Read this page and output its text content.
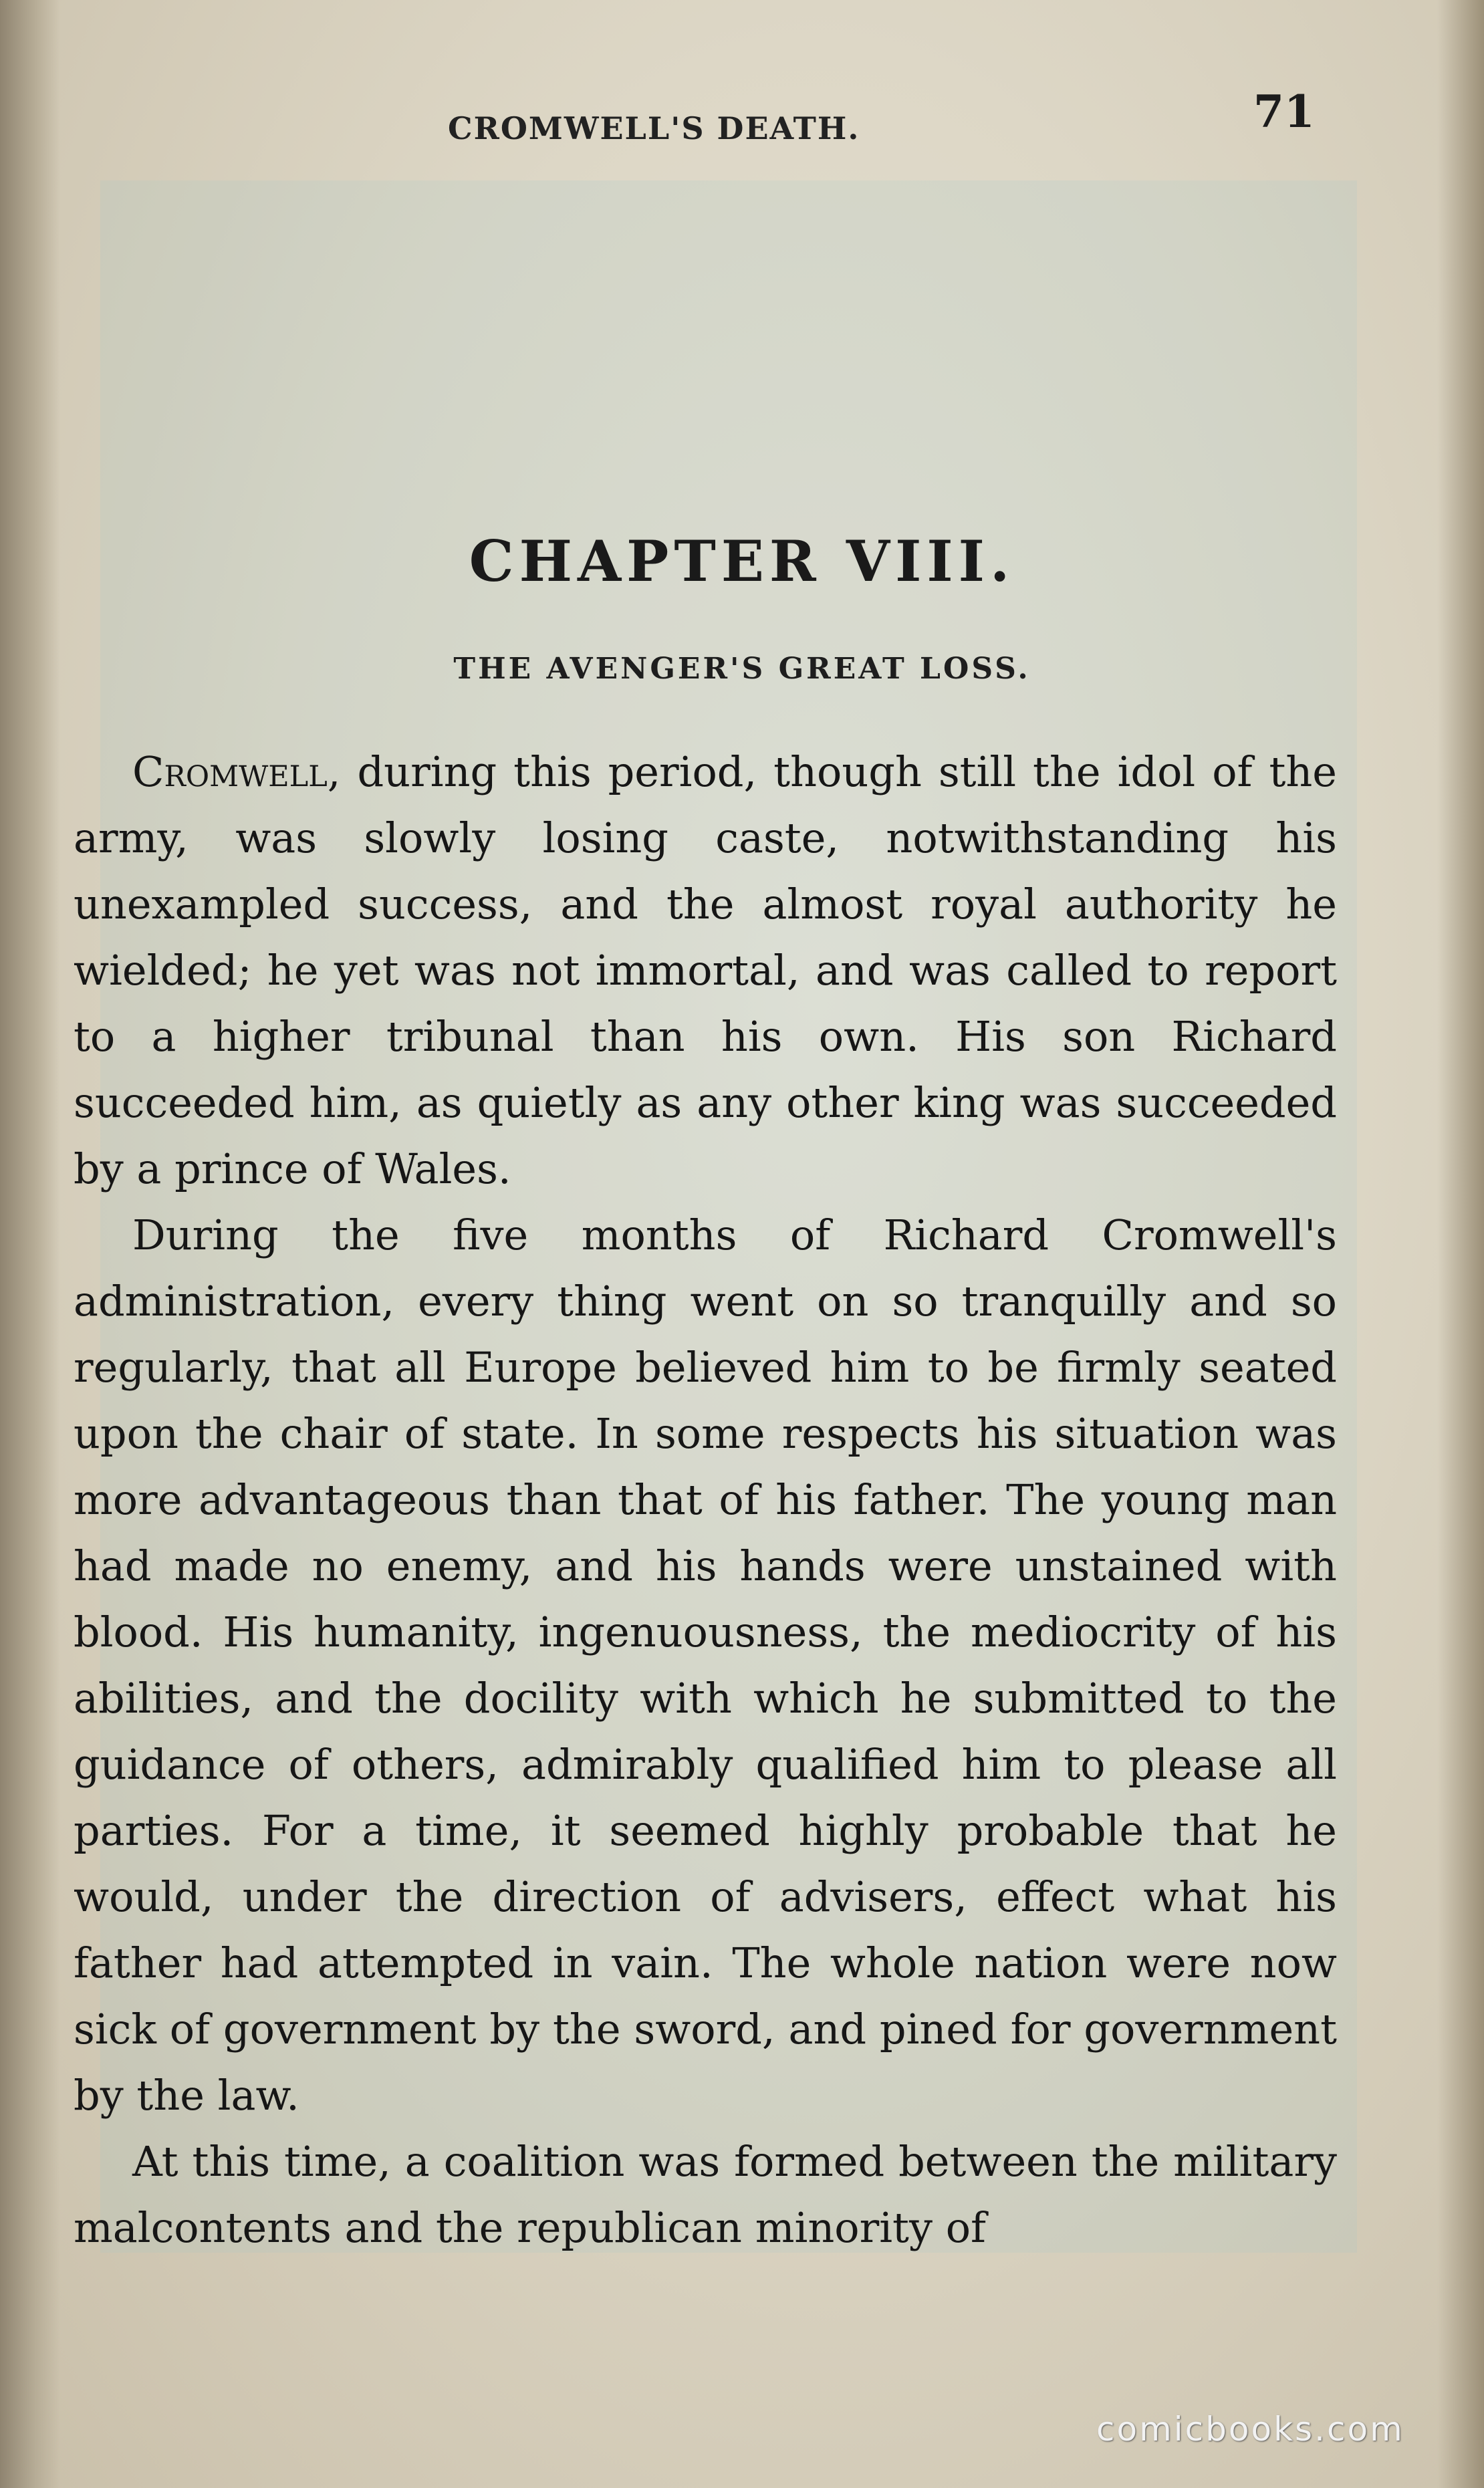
CROMWELL'S DEATH.	71
CHAPTER VIII.
THE AVENGER'S GREAT LOSS.

Cromwell, during this period, though still the idol of the army, was slowly losing caste, notwithstanding his unexampled success, and the almost royal authority he wielded; he yet was not immortal, and was called to report to a higher tribunal than his own. His son Richard succeeded him, as quietly as any other king was succeeded by a prince of Wales.

During the five months of Richard Cromwell's administration, every thing went on so tranquilly and so regularly, that all Europe believed him to be firmly seated upon the chair of state. In some respects his situation was more advantageous than that of his father. The young man had made no enemy, and his hands were unstained with blood. His humanity, ingenuousness, the mediocrity of his abilities, and the docility with which he submitted to the guidance of others, admirably qualified him to please all parties. For a time, it seemed highly probable that he would, under the direction of advisers, effect what his father had attempted in vain. The whole nation were now sick of government by the sword, and pined for government by the law.

At this time, a coalition was formed between the military malcontents and the republican minority of

comicbooks.com
